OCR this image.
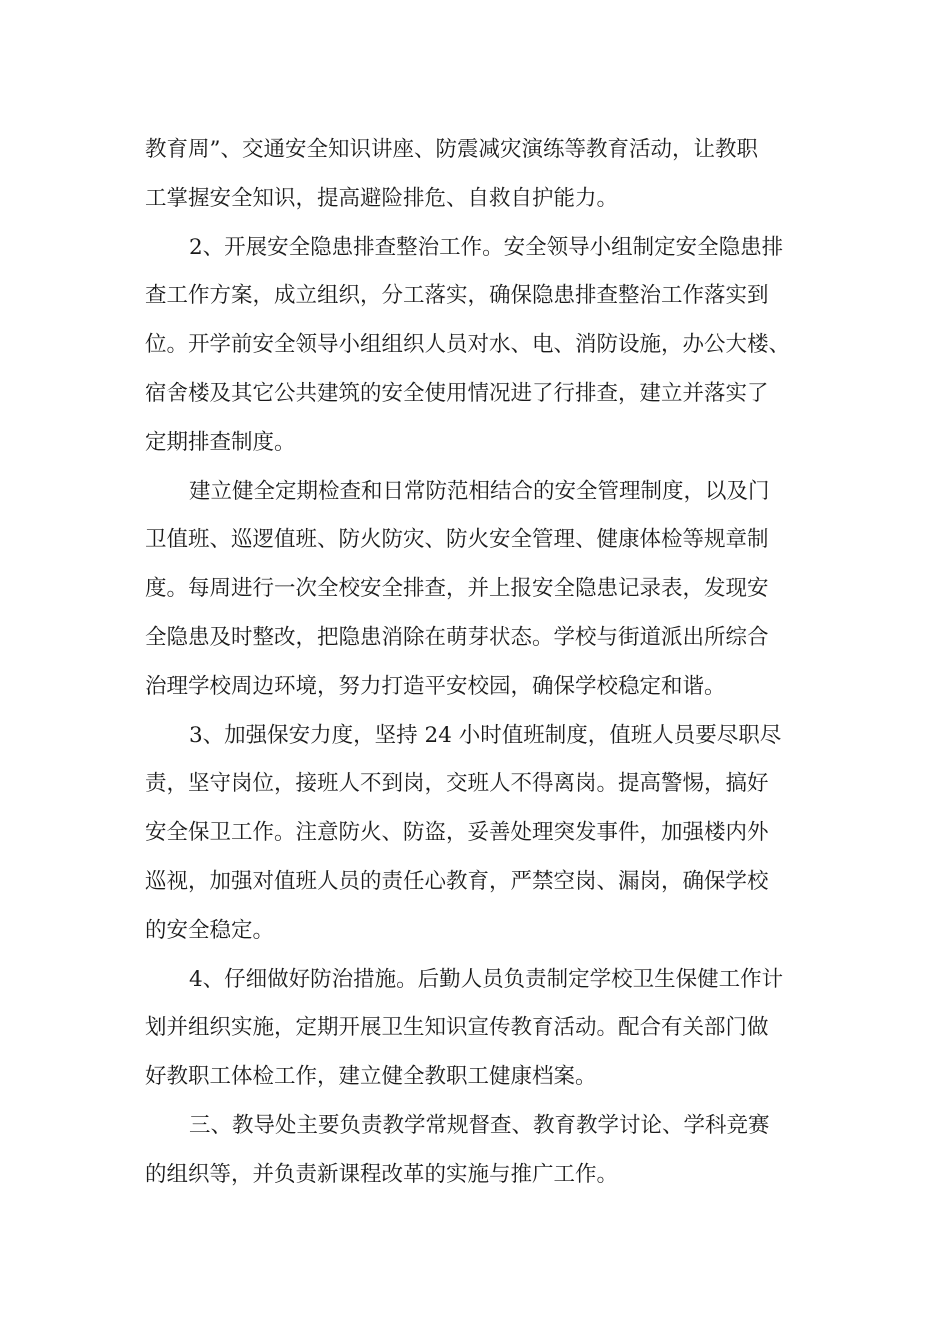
教育周”、交通安全知识讲座、防震减灾演练等教育活动，让教职
工掌握安全知识，提高避险排危、自救自护能力。

2、开展安全隐患排查整治工作。安全领导小组制定安全隐患排
查工作方案，成立组织，分工落实，确保隐患排查整治工作落实到
位。开学前安全领导小组组织人员对水、电、消防设施，办公大楼、
宿舍楼及其它公共建筑的安全使用情况进了行排查，建立并落实了
定期排查制度。

建立健全定期检查和日常防范相结合的安全管理制度，以及门
卫值班、巡逻值班、防火防灾、防火安全管理、健康体检等规章制
度。每周进行一次全校安全排查，并上报安全隐患记录表，发现安
全隐患及时整改，把隐患消除在萌芽状态。学校与街道派出所综合
治理学校周边环境，努力打造平安校园，确保学校稳定和谐。

3、加强保安力度，坚持 24 小时值班制度，值班人员要尽职尽
责，坚守岗位，接班人不到岗，交班人不得离岗。提高警惕，搞好
安全保卫工作。注意防火、防盗，妥善处理突发事件，加强楼内外
巡视，加强对值班人员的责任心教育，严禁空岗、漏岗，确保学校
的安全稳定。

4、仔细做好防治措施。后勤人员负责制定学校卫生保健工作计
划并组织实施，定期开展卫生知识宣传教育活动。配合有关部门做
好教职工体检工作，建立健全教职工健康档案。

三、教导处主要负责教学常规督查、教育教学讨论、学科竞赛
的组织等，并负责新课程改革的实施与推广工作。
